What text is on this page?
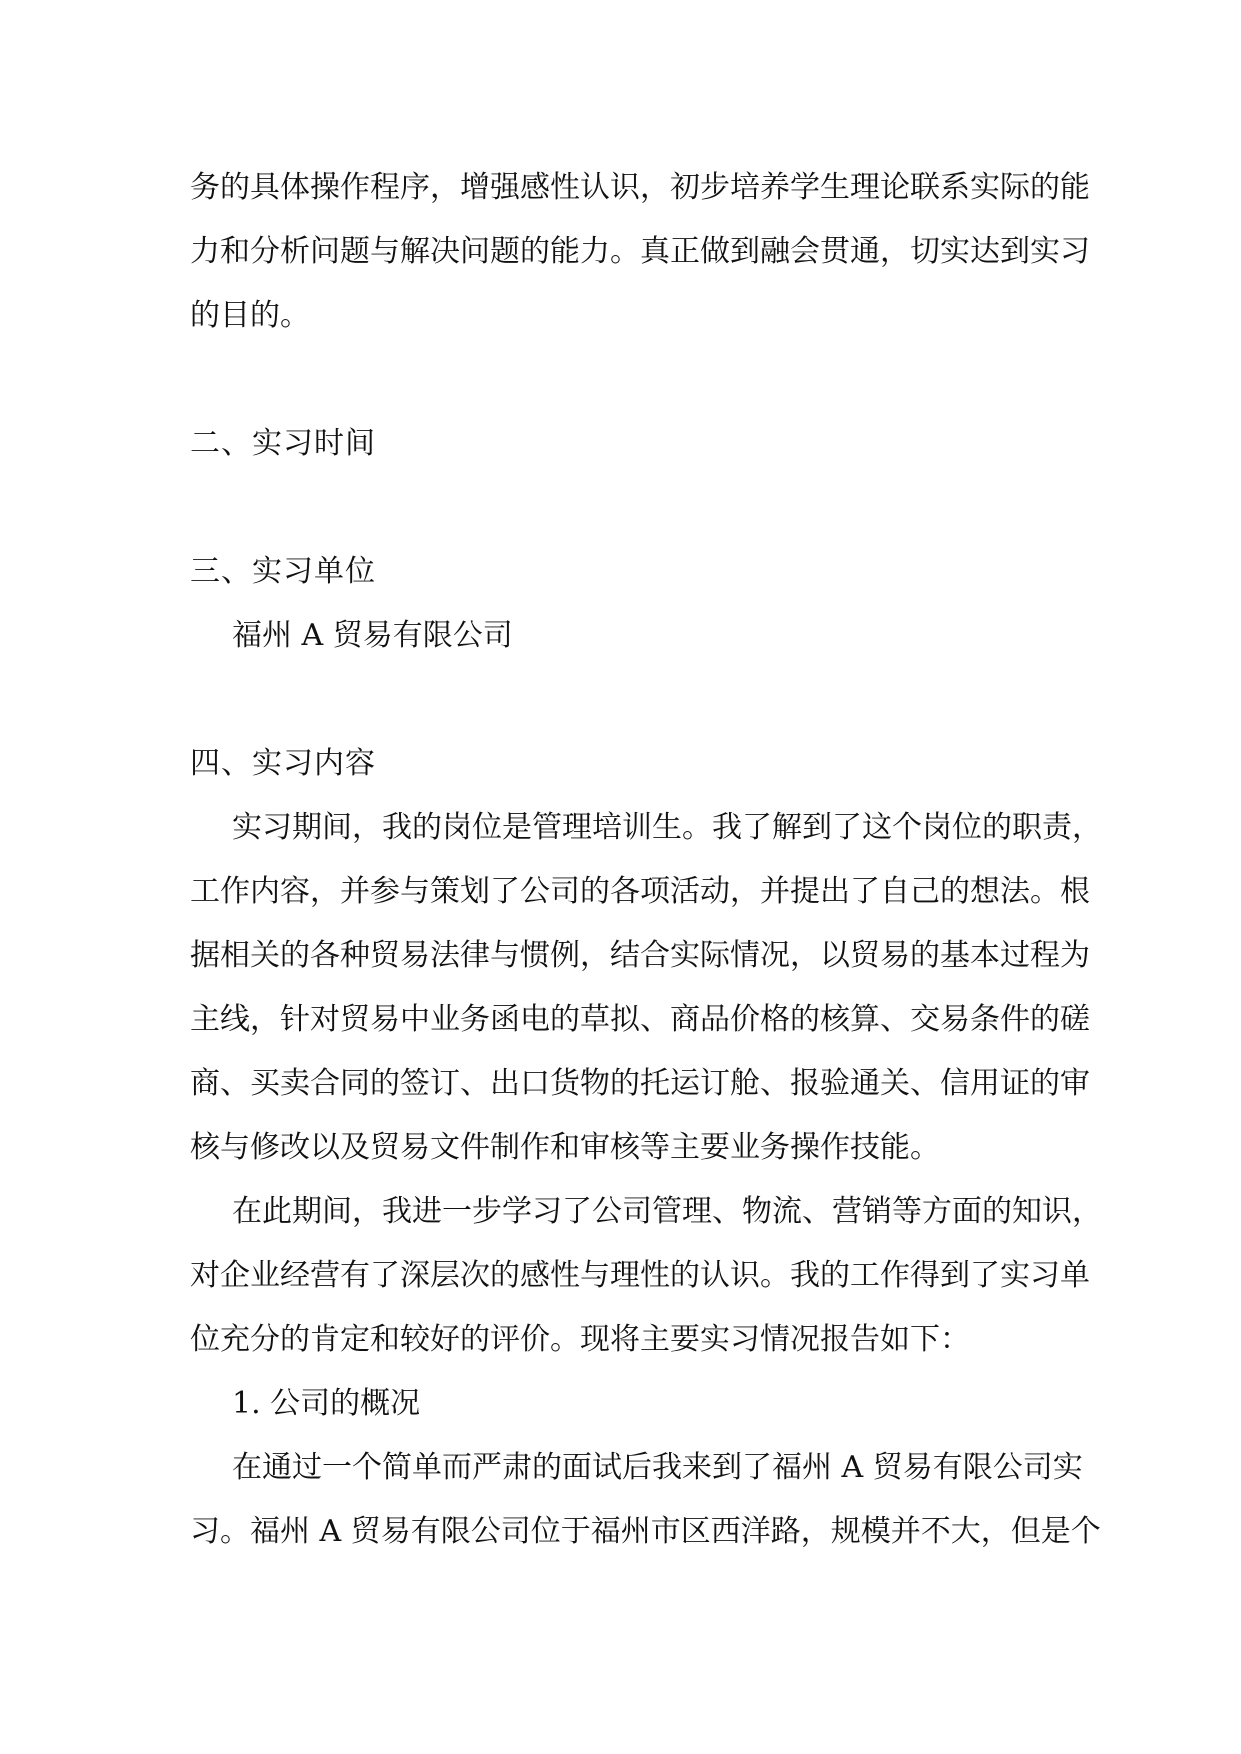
务的具体操作程序，增强感性认识，初步培养学生理论联系实际的能
力和分析问题与解决问题的能力。真正做到融会贯通，切实达到实习
的目的。
二、实习时间
三、实习单位
福州 A 贸易有限公司
四、实习内容
实习期间，我的岗位是管理培训生。我了解到了这个岗位的职责，
工作内容，并参与策划了公司的各项活动，并提出了自己的想法。根
据相关的各种贸易法律与惯例，结合实际情况，以贸易的基本过程为
主线，针对贸易中业务函电的草拟、商品价格的核算、交易条件的磋
商、买卖合同的签订、出口货物的托运订舱、报验通关、信用证的审
核与修改以及贸易文件制作和审核等主要业务操作技能。
在此期间，我进一步学习了公司管理、物流、营销等方面的知识，
对企业经营有了深层次的感性与理性的认识。我的工作得到了实习单
位充分的肯定和较好的评价。现将主要实习情况报告如下：
1. 公司的概况
在通过一个简单而严肃的面试后我来到了福州 A 贸易有限公司实
习。福州 A 贸易有限公司位于福州市区西洋路，规模并不大，但是个
